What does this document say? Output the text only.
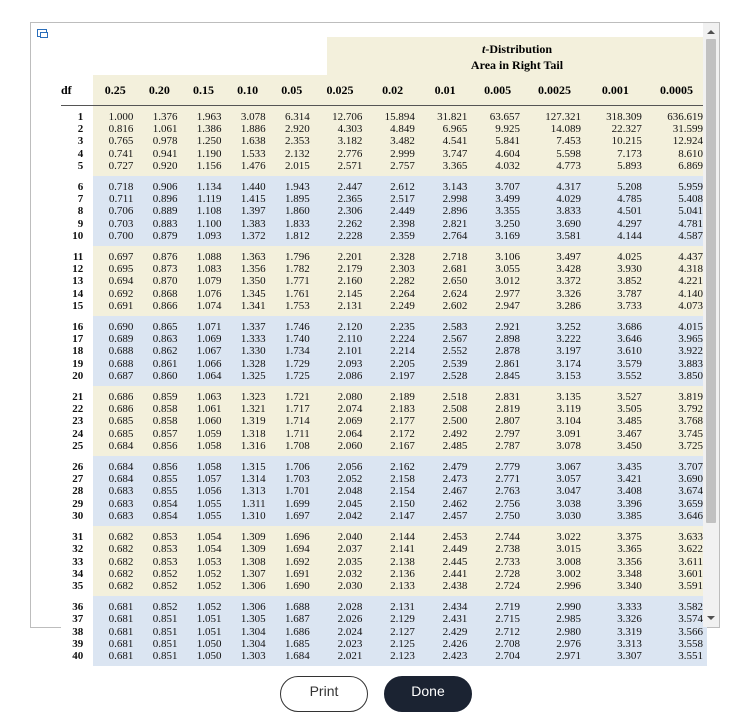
t-Distribution
Area in Right Tail
df	0.25	0.20	0.15	0.10	0.05	0.025	0.02	0.01	0.005	0.0025	0.001	0.0005
1	1.000	1.376	1.963	3.078	6.314	12.706	15.894	31.821	63.657	127.321	318.309	636.619
2	0.816	1.061	1.386	1.886	2.920	4.303	4.849	6.965	9.925	14.089	22.327	31.599
3	0.765	0.978	1.250	1.638	2.353	3.182	3.482	4.541	5.841	7.453	10.215	12.924
4	0.741	0.941	1.190	1.533	2.132	2.776	2.999	3.747	4.604	5.598	7.173	8.610
5	0.727	0.920	1.156	1.476	2.015	2.571	2.757	3.365	4.032	4.773	5.893	6.869
6	0.718	0.906	1.134	1.440	1.943	2.447	2.612	3.143	3.707	4.317	5.208	5.959
7	0.711	0.896	1.119	1.415	1.895	2.365	2.517	2.998	3.499	4.029	4.785	5.408
8	0.706	0.889	1.108	1.397	1.860	2.306	2.449	2.896	3.355	3.833	4.501	5.041
9	0.703	0.883	1.100	1.383	1.833	2.262	2.398	2.821	3.250	3.690	4.297	4.781
10	0.700	0.879	1.093	1.372	1.812	2.228	2.359	2.764	3.169	3.581	4.144	4.587
11	0.697	0.876	1.088	1.363	1.796	2.201	2.328	2.718	3.106	3.497	4.025	4.437
12	0.695	0.873	1.083	1.356	1.782	2.179	2.303	2.681	3.055	3.428	3.930	4.318
13	0.694	0.870	1.079	1.350	1.771	2.160	2.282	2.650	3.012	3.372	3.852	4.221
14	0.692	0.868	1.076	1.345	1.761	2.145	2.264	2.624	2.977	3.326	3.787	4.140
15	0.691	0.866	1.074	1.341	1.753	2.131	2.249	2.602	2.947	3.286	3.733	4.073
16	0.690	0.865	1.071	1.337	1.746	2.120	2.235	2.583	2.921	3.252	3.686	4.015
17	0.689	0.863	1.069	1.333	1.740	2.110	2.224	2.567	2.898	3.222	3.646	3.965
18	0.688	0.862	1.067	1.330	1.734	2.101	2.214	2.552	2.878	3.197	3.610	3.922
19	0.688	0.861	1.066	1.328	1.729	2.093	2.205	2.539	2.861	3.174	3.579	3.883
20	0.687	0.860	1.064	1.325	1.725	2.086	2.197	2.528	2.845	3.153	3.552	3.850
21	0.686	0.859	1.063	1.323	1.721	2.080	2.189	2.518	2.831	3.135	3.527	3.819
22	0.686	0.858	1.061	1.321	1.717	2.074	2.183	2.508	2.819	3.119	3.505	3.792
23	0.685	0.858	1.060	1.319	1.714	2.069	2.177	2.500	2.807	3.104	3.485	3.768
24	0.685	0.857	1.059	1.318	1.711	2.064	2.172	2.492	2.797	3.091	3.467	3.745
25	0.684	0.856	1.058	1.316	1.708	2.060	2.167	2.485	2.787	3.078	3.450	3.725
26	0.684	0.856	1.058	1.315	1.706	2.056	2.162	2.479	2.779	3.067	3.435	3.707
27	0.684	0.855	1.057	1.314	1.703	2.052	2.158	2.473	2.771	3.057	3.421	3.690
28	0.683	0.855	1.056	1.313	1.701	2.048	2.154	2.467	2.763	3.047	3.408	3.674
29	0.683	0.854	1.055	1.311	1.699	2.045	2.150	2.462	2.756	3.038	3.396	3.659
30	0.683	0.854	1.055	1.310	1.697	2.042	2.147	2.457	2.750	3.030	3.385	3.646
31	0.682	0.853	1.054	1.309	1.696	2.040	2.144	2.453	2.744	3.022	3.375	3.633
32	0.682	0.853	1.054	1.309	1.694	2.037	2.141	2.449	2.738	3.015	3.365	3.622
33	0.682	0.853	1.053	1.308	1.692	2.035	2.138	2.445	2.733	3.008	3.356	3.611
34	0.682	0.852	1.052	1.307	1.691	2.032	2.136	2.441	2.728	3.002	3.348	3.601
35	0.682	0.852	1.052	1.306	1.690	2.030	2.133	2.438	2.724	2.996	3.340	3.591
36	0.681	0.852	1.052	1.306	1.688	2.028	2.131	2.434	2.719	2.990	3.333	3.582
37	0.681	0.851	1.051	1.305	1.687	2.026	2.129	2.431	2.715	2.985	3.326	3.574
38	0.681	0.851	1.051	1.304	1.686	2.024	2.127	2.429	2.712	2.980	3.319	3.566
39	0.681	0.851	1.050	1.304	1.685	2.023	2.125	2.426	2.708	2.976	3.313	3.558
40	0.681	0.851	1.050	1.303	1.684	2.021	2.123	2.423	2.704	2.971	3.307	3.551
Print	Done
